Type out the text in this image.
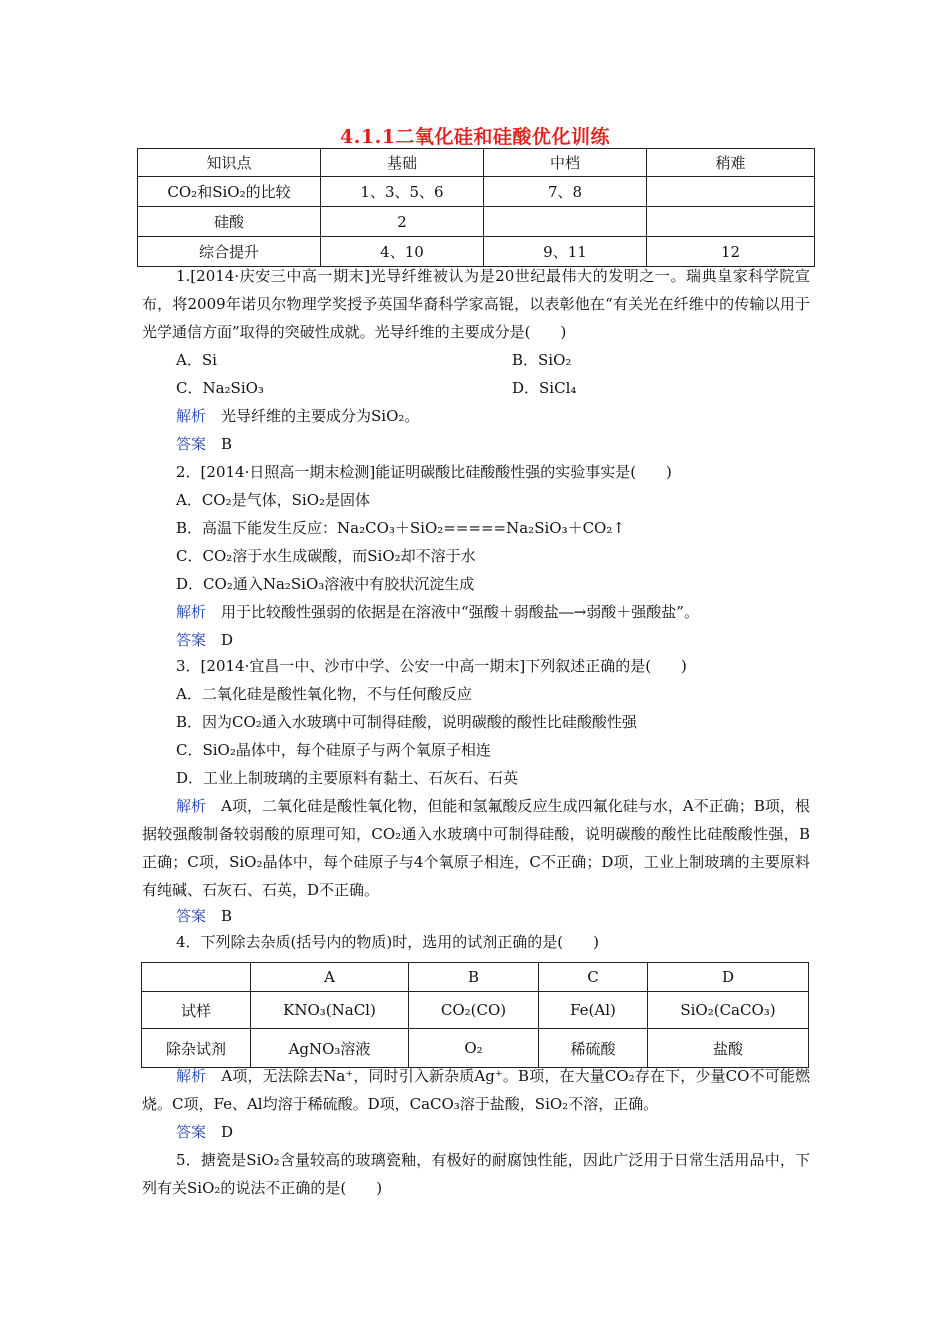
4.1.1二氧化硅和硅酸优化训练
知识点	基础	中档	稍难
CO₂和SiO₂的比较	1、3、5、6	7、8	
硅酸	2		
综合提升	4、10	9、11	12
1.[2014·庆安三中高一期末]光导纤维被认为是20世纪最伟大的发明之一。瑞典皇家科学院宣布，将2009年诺贝尔物理学奖授予英国华裔科学家高锟，以表彰他在“有关光在纤维中的传输以用于光学通信方面”取得的突破性成就。光导纤维的主要成分是(　　)
A．Si	B．SiO₂
C．Na₂SiO₃	D．SiCl₄
解析　 光导纤维的主要成分为SiO₂。
答案　 B
2．[2014·日照高一期末检测]能证明碳酸比硅酸酸性强的实验事实是(　　)
A．CO₂是气体，SiO₂是固体
B．高温下能发生反应：Na₂CO₃＋SiO₂=====Na₂SiO₃＋CO₂↑
C．CO₂溶于水生成碳酸，而SiO₂却不溶于水
D．CO₂通入Na₂SiO₃溶液中有胶状沉淀生成
解析　 用于比较酸性强弱的依据是在溶液中“强酸＋弱酸盐―→弱酸＋强酸盐”。
答案　 D
3．[2014·宜昌一中、沙市中学、公安一中高一期末]下列叙述正确的是(　　)
A．二氧化硅是酸性氧化物，不与任何酸反应
B．因为CO₂通入水玻璃中可制得硅酸，说明碳酸的酸性比硅酸酸性强
C．SiO₂晶体中，每个硅原子与两个氧原子相连
D．工业上制玻璃的主要原料有黏土、石灰石、石英
解析　 A项，二氧化硅是酸性氧化物，但能和氢氟酸反应生成四氟化硅与水，A不正确；B项，根据较强酸制备较弱酸的原理可知，CO₂通入水玻璃中可制得硅酸，说明碳酸的酸性比硅酸酸性强，B正确；C项，SiO₂晶体中，每个硅原子与4个氧原子相连，C不正确；D项，工业上制玻璃的主要原料有纯碱、石灰石、石英，D不正确。
答案　 B
4．下列除去杂质(括号内的物质)时，选用的试剂正确的是(　　)
	A	B	C	D
试样	KNO₃(NaCl)	CO₂(CO)	Fe(Al)	SiO₂(CaCO₃)
除杂试剂	AgNO₃溶液	O₂	稀硫酸	盐酸
解析　 A项，无法除去Na⁺，同时引入新杂质Ag⁺。B项，在大量CO₂存在下，少量CO不可能燃烧。C项，Fe、Al均溶于稀硫酸。D项，CaCO₃溶于盐酸，SiO₂不溶，正确。
答案　 D
5．搪瓷是SiO₂含量较高的玻璃瓷釉，有极好的耐腐蚀性能，因此广泛用于日常生活用品中，下列有关SiO₂的说法不正确的是(　　)
